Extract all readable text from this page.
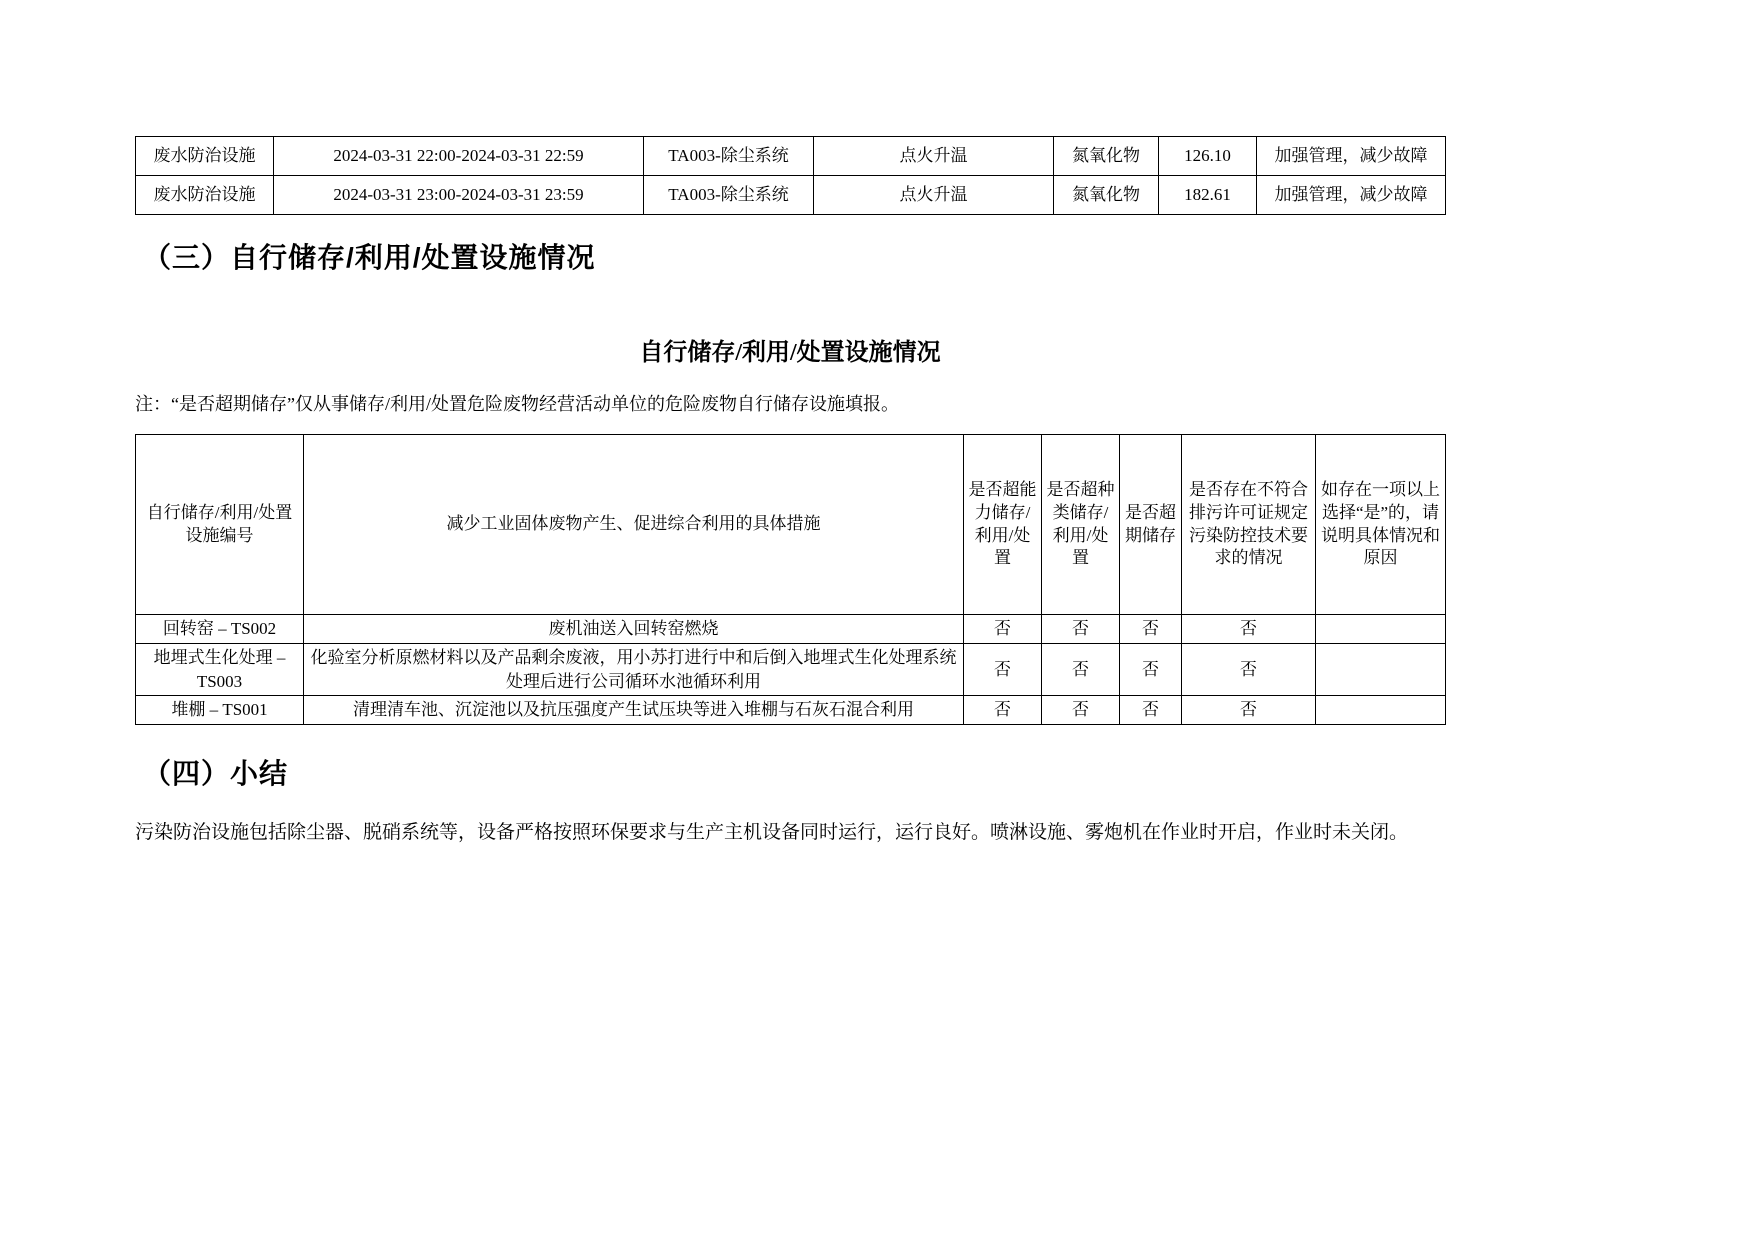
废水防治设施	2024-03-31 22:00-2024-03-31 22:59	TA003-除尘系统	点火升温	氮氧化物	126.10	加强管理，减少故障
废水防治设施	2024-03-31 23:00-2024-03-31 23:59	TA003-除尘系统	点火升温	氮氧化物	182.61	加强管理，减少故障
（三）自行储存/利用/处置设施情况
自行储存/利用/处置设施情况
注：“是否超期储存”仅从事储存/利用/处置危险废物经营活动单位的危险废物自行储存设施填报。
自行储存/利用/处置设施编号	减少工业固体废物产生、促进综合利用的具体措施	是否超能力储存/利用/处置	是否超种类储存/利用/处置	是否超期储存	是否存在不符合排污许可证规定污染防控技术要求的情况	如存在一项以上选择“是”的，请说明具体情况和原因
回转窑 – TS002	废机油送入回转窑燃烧	否	否	否	否	
地埋式生化处理 – TS003	化验室分析原燃材料以及产品剩余废液，用小苏打进行中和后倒入地埋式生化处理系统处理后进行公司循环水池循环利用	否	否	否	否	
堆棚 – TS001	清理清车池、沉淀池以及抗压强度产生试压块等进入堆棚与石灰石混合利用	否	否	否	否	
（四）小结
污染防治设施包括除尘器、脱硝系统等，设备严格按照环保要求与生产主机设备同时运行，运行良好。喷淋设施、雾炮机在作业时开启，作业时未关闭。
